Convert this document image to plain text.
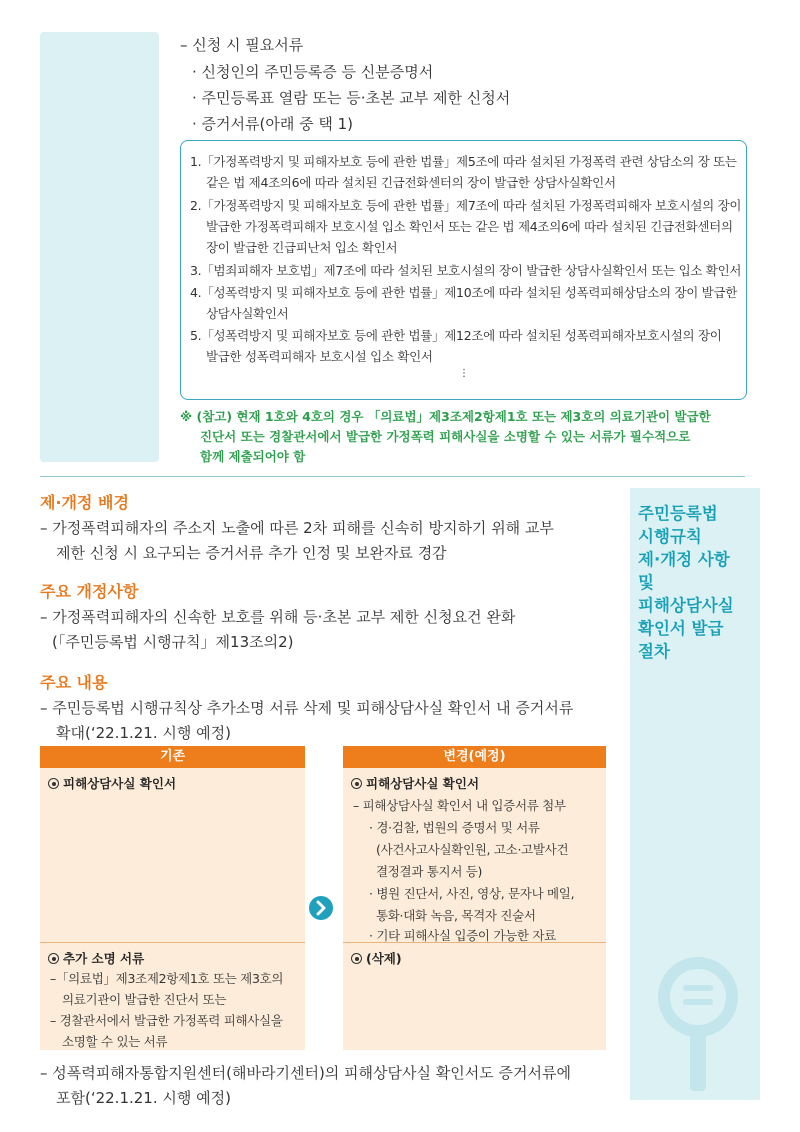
– 신청 시 필요서류
· 신청인의 주민등록증 등 신분증명서
· 주민등록표 열람 또는 등·초본 교부 제한 신청서
· 증거서류(아래 중 택 1)
1.「가정폭력방지 및 피해자보호 등에 관한 법률」제5조에 따라 설치된 가정폭력 관련 상담소의 장 또는
같은 법 제4조의6에 따라 설치된 긴급전화센터의 장이 발급한 상담사실확인서
2.「가정폭력방지 및 피해자보호 등에 관한 법률」제7조에 따라 설치된 가정폭력피해자 보호시설의 장이
발급한 가정폭력피해자 보호시설 입소 확인서 또는 같은 법 제4조의6에 따라 설치된 긴급전화센터의
장이 발급한 긴급피난처 입소 확인서
3.「범죄피해자 보호법」제7조에 따라 설치된 보호시설의 장이 발급한 상담사실확인서 또는 입소 확인서
4.「성폭력방지 및 피해자보호 등에 관한 법률」제10조에 따라 설치된 성폭력피해상담소의 장이 발급한
상담사실확인서
5.「성폭력방지 및 피해자보호 등에 관한 법률」제12조에 따라 설치된 성폭력피해자보호시설의 장이
발급한 성폭력피해자 보호시설 입소 확인서
⋮
※ (참고) 현재 1호와 4호의 경우 「의료법」제3조제2항제1호 또는 제3호의 의료기관이 발급한
진단서 또는 경찰관서에서 발급한 가정폭력 피해사실을 소명할 수 있는 서류가 필수적으로
함께 제출되어야 함
주민등록법
시행규칙
제·개정 사항
및
피해상담사실
확인서 발급
절차
제·개정 배경
– 가정폭력피해자의 주소지 노출에 따른 2차 피해를 신속히 방지하기 위해 교부
제한 신청 시 요구되는 증거서류 추가 인정 및 보완자료 경감
주요 개정사항
– 가정폭력피해자의 신속한 보호를 위해 등·초본 교부 제한 신청요건 완화
(「주민등록법 시행규칙」제13조의2)
주요 내용
– 주민등록법 시행규칙상 추가소명 서류 삭제 및 피해상담사실 확인서 내 증거서류
확대(‘22.1.21. 시행 예정)
기존
피해상담사실 확인서
추가 소명 서류
–「의료법」제3조제2항제1호 또는 제3호의
의료기관이 발급한 진단서 또는
– 경찰관서에서 발급한 가정폭력 피해사실을
소명할 수 있는 서류
변경(예정)
피해상담사실 확인서
– 피해상담사실 확인서 내 입증서류 첨부
· 경·검찰, 법원의 증명서 및 서류
(사건사고사실확인원, 고소·고발사건
결정결과 통지서 등)
· 병원 진단서, 사진, 영상, 문자나 메일,
통화·대화 녹음, 목격자 진술서
· 기타 피해사실 입증이 가능한 자료
(삭제)
– 성폭력피해자통합지원센터(해바라기센터)의 피해상담사실 확인서도 증거서류에
포함(‘22.1.21. 시행 예정)
